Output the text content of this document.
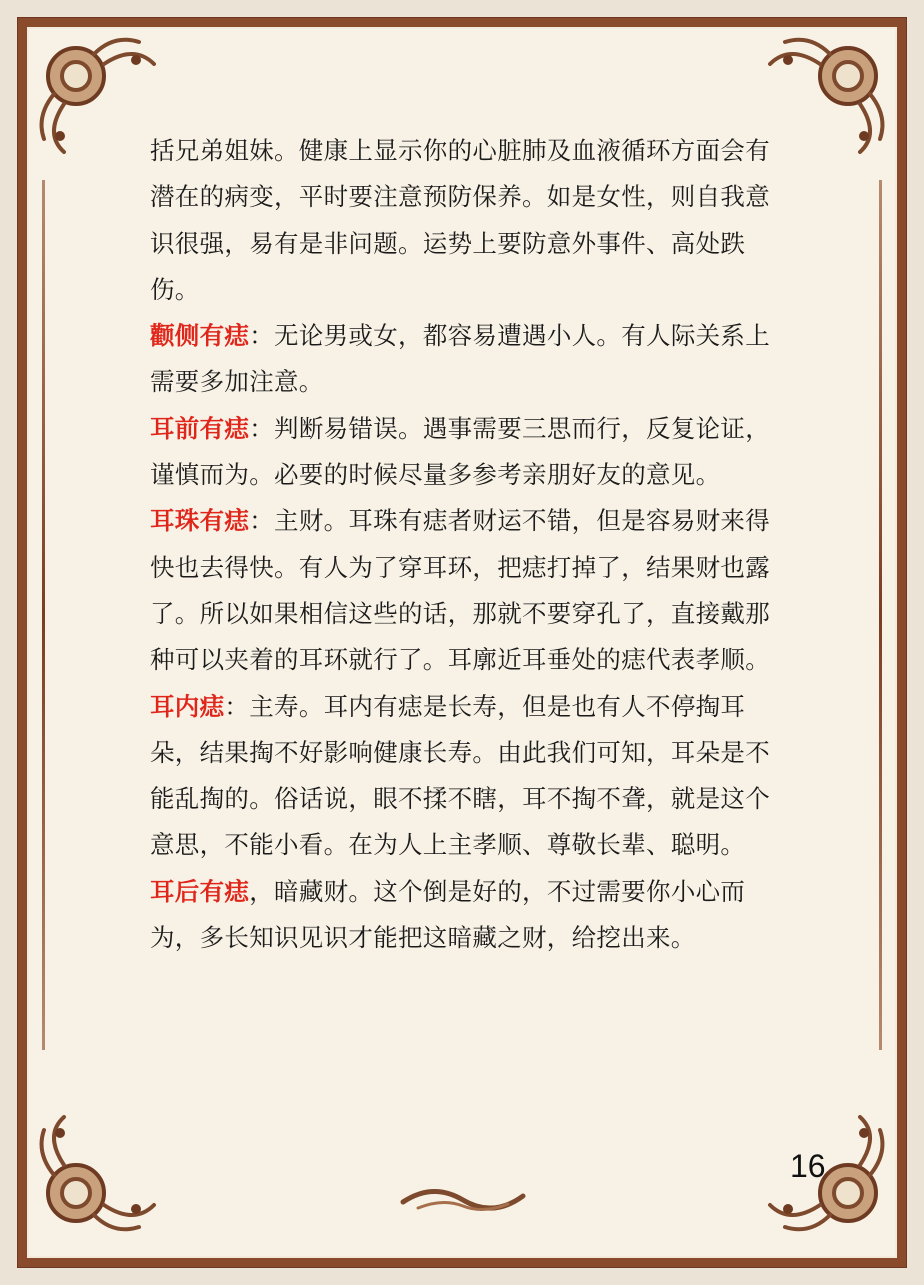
括兄弟姐妹。健康上显示你的心脏肺及血液循环方面会有潜在的病变，平时要注意预防保养。如是女性，则自我意识很强，易有是非问题。运势上要防意外事件、高处跌伤。

颧侧有痣：无论男或女，都容易遭遇小人。有人际关系上需要多加注意。

耳前有痣：判断易错误。遇事需要三思而行，反复论证，谨慎而为。必要的时候尽量多参考亲朋好友的意见。

耳珠有痣：主财。耳珠有痣者财运不错，但是容易财来得快也去得快。有人为了穿耳环，把痣打掉了，结果财也露了。所以如果相信这些的话，那就不要穿孔了，直接戴那种可以夹着的耳环就行了。耳廓近耳垂处的痣代表孝顺。

耳内痣：主寿。耳内有痣是长寿，但是也有人不停掏耳朵，结果掏不好影响健康长寿。由此我们可知，耳朵是不能乱掏的。俗话说，眼不揉不瞎，耳不掏不聋，就是这个意思，不能小看。在为人上主孝顺、尊敬长辈、聪明。

耳后有痣，暗藏财。这个倒是好的，不过需要你小心而为，多长知识见识才能把这暗藏之财，给挖出来。

16
